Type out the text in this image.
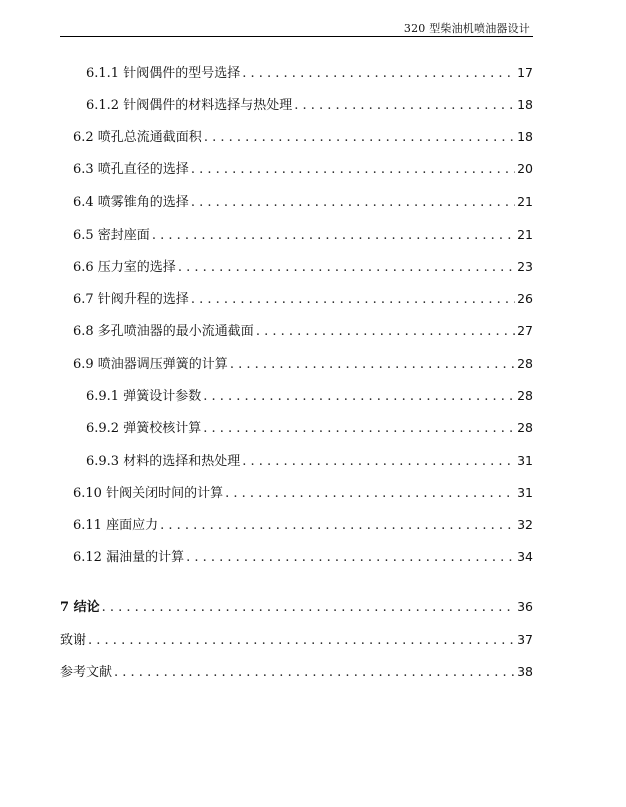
320 型柴油机喷油器设计
6.1.1 针阀偶件的型号选择 . . .	17
6.1.2 针阀偶件的材料选择与热处理 . . .	18
6.2 喷孔总流通截面积 . . .	18
6.3 喷孔直径的选择 . . .	20
6.4 喷雾锥角的选择 . . .	21
6.5 密封座面 . . .	21
6.6 压力室的选择 . . .	23
6.7 针阀升程的选择 . . .	26
6.8 多孔喷油器的最小流通截面 . . .	27
6.9 喷油器调压弹簧的计算 . . .	28
6.9.1 弹簧设计参数 . . .	28
6.9.2 弹簧校核计算 . . .	28
6.9.3 材料的选择和热处理 . . .	31
6.10 针阀关闭时间的计算 . . .	31
6.11 座面应力 . . .	32
6.12 漏油量的计算 . . .	34
7 结论 . . .	36
致谢 . . .	37
参考文献 . . .	38
